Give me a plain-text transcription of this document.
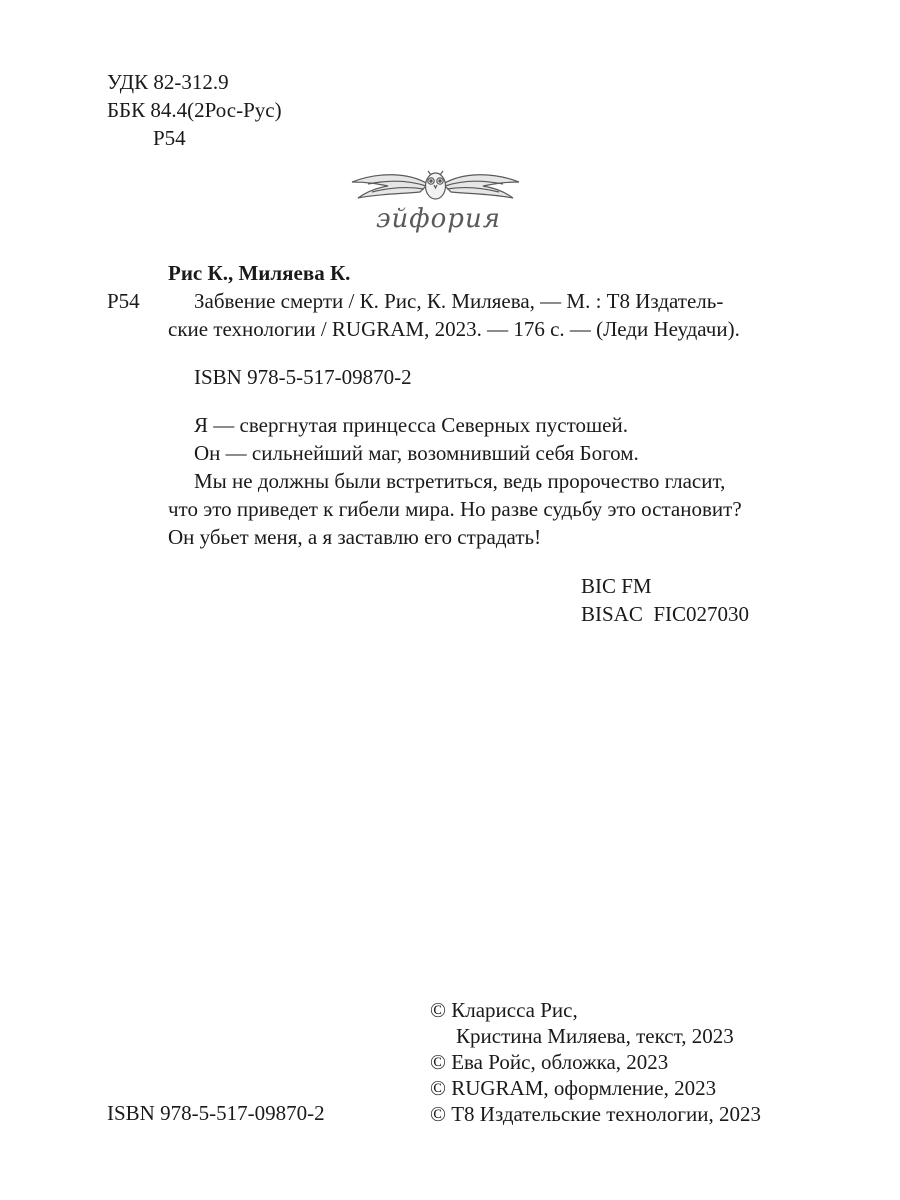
УДК 82-312.9
ББК 84.4(2Рос-Рус)
Р54
эйфория
Рис К., Миляева К.
Р54	Забвение смерти / К. Рис, К. Миляева, — М. : Т8 Издатель-
ские технологии / RUGRAM, 2023. — 176 с. — (Леди Неудачи).
ISBN 978-5-517-09870-2

Я — свергнутая принцесса Северных пустошей.

Он — сильнейший маг, возомнивший себя Богом.

Мы не должны были встретиться, ведь пророчество гласит,

что это приведет к гибели мира. Но разве судьбу это остановит?

Он убьет меня, а я заставлю его страдать!

BIC FM
BISAC  FIC027030

© Кларисса Рис,

Кристина Миляева, текст, 2023

© Ева Ройс, обложка, 2023

© RUGRAM, оформление, 2023

© Т8 Издательские технологии, 2023

ISBN 978-5-517-09870-2
